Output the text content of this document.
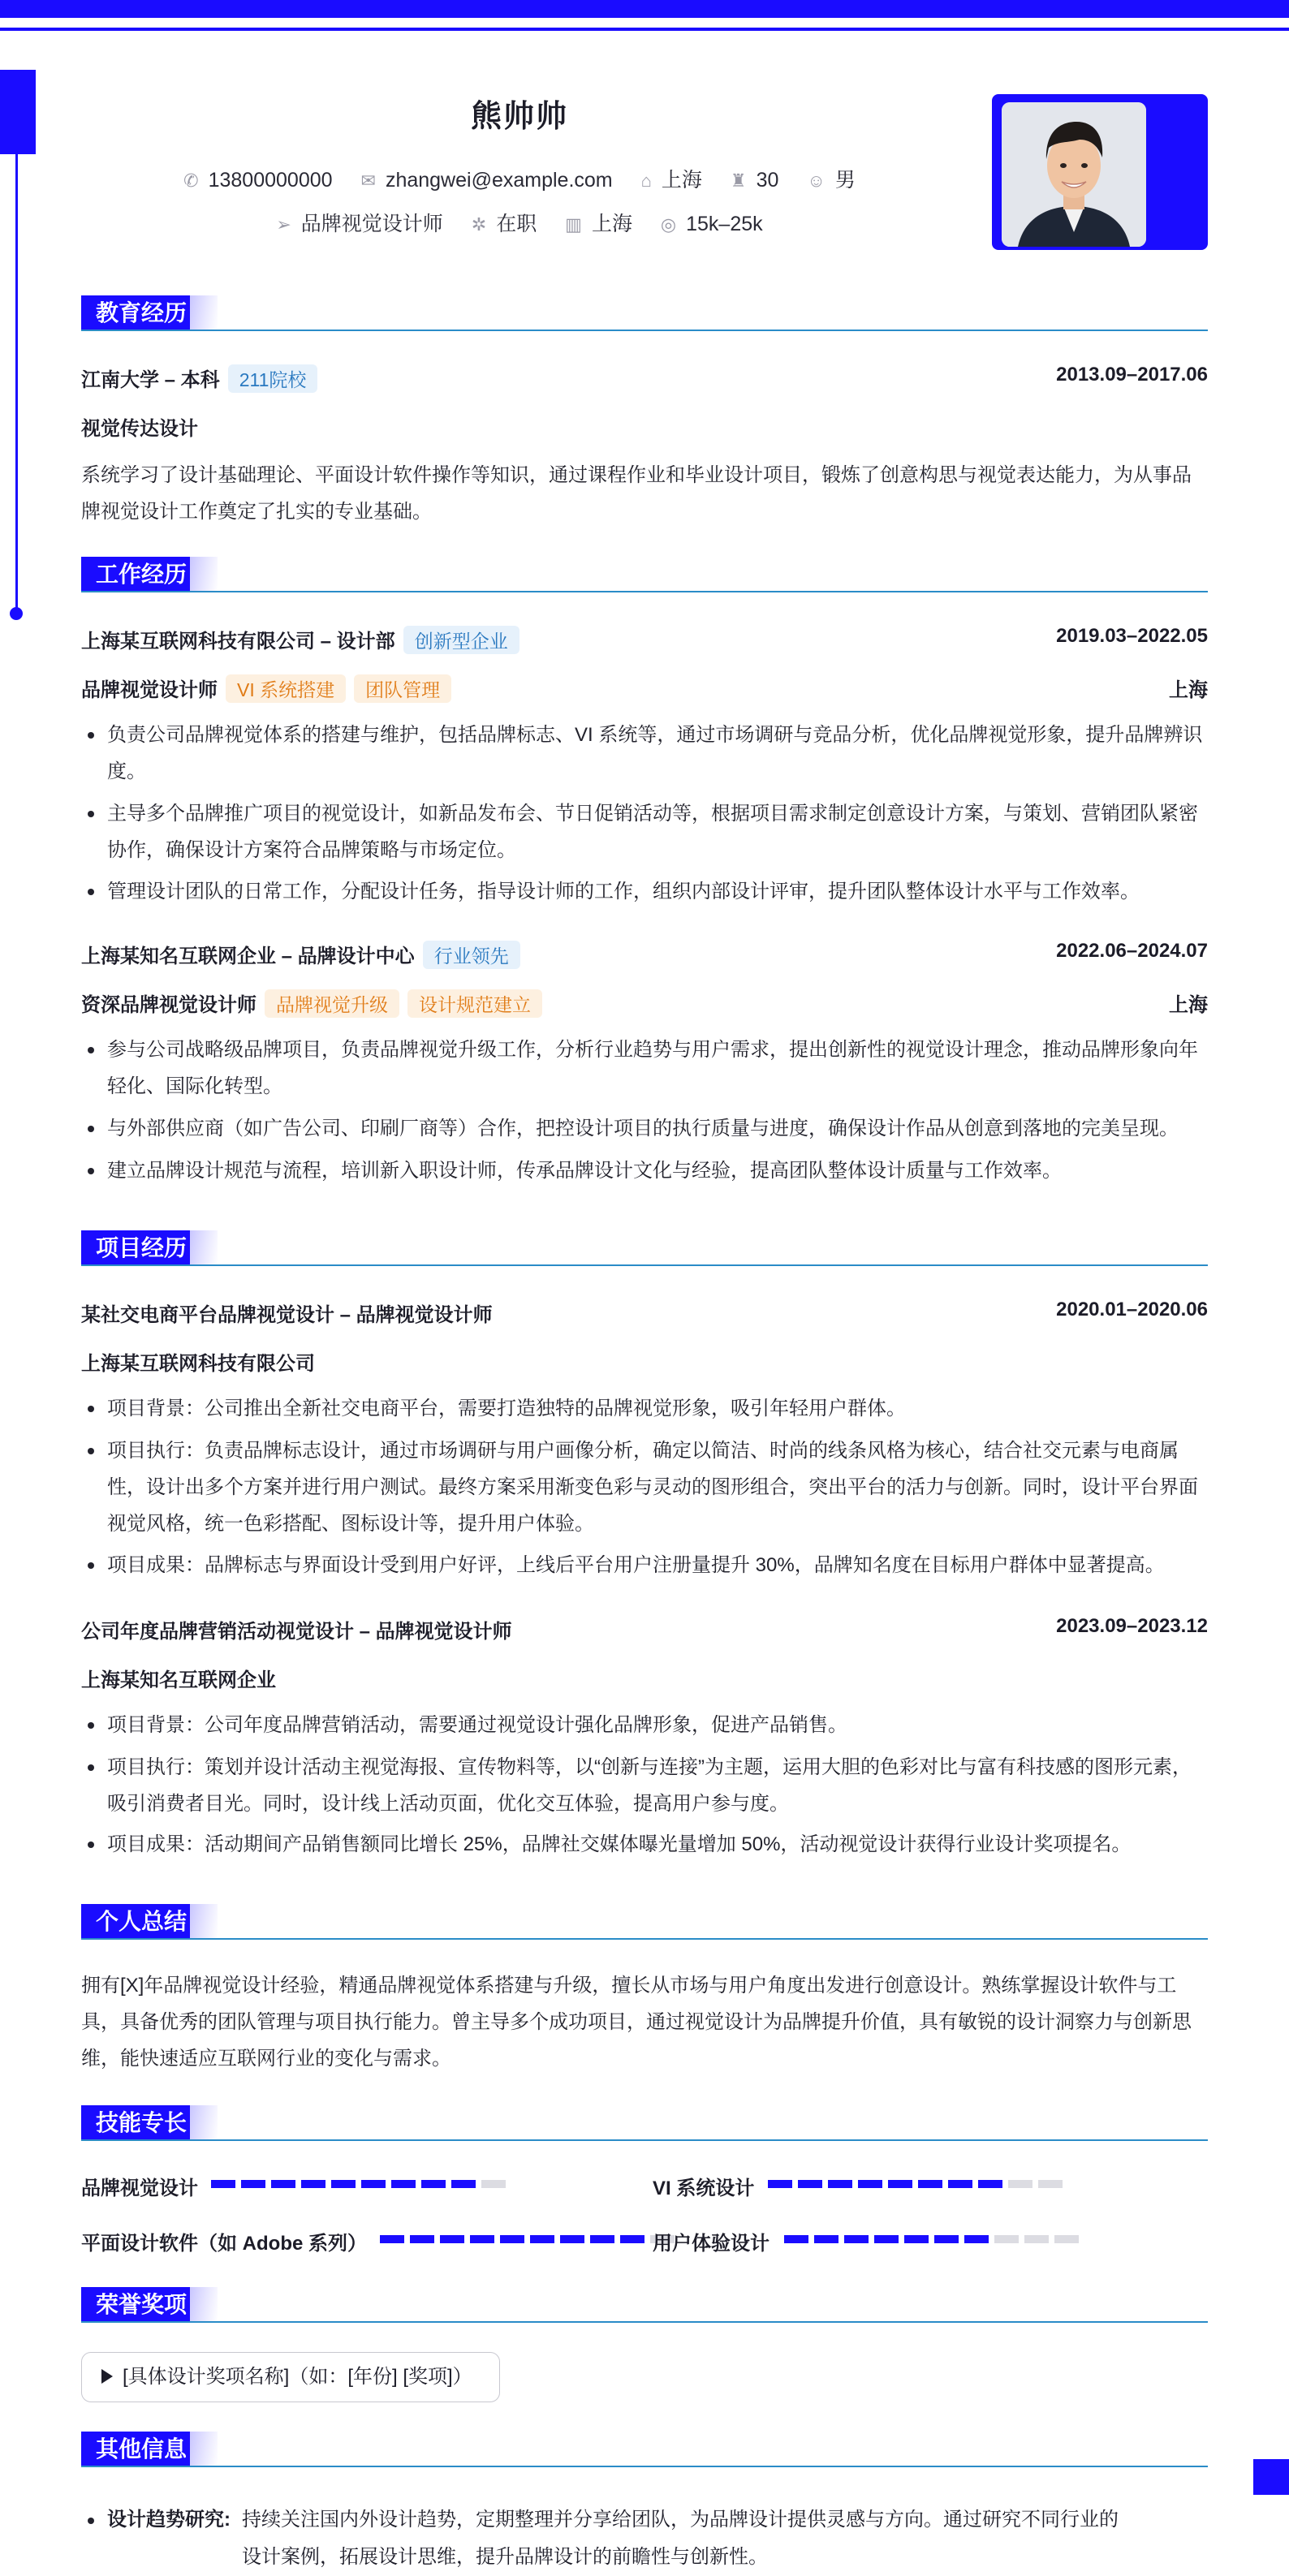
熊帅帅
✆ 13800000000 ✉ zhangwei@example.com ⌂ 上海 ♜ 30 ☺ 男
➢ 品牌视觉设计师 ✲ 在职 ▥ 上海 ◎ 15k–25k
教育经历
江南大学 – 本科 211院校	2013.09–2017.06
视觉传达设计
系统学习了设计基础理论、平面设计软件操作等知识，通过课程作业和毕业设计项目，锻炼了创意构思与视觉表达能力，为从事品牌视觉设计工作奠定了扎实的专业基础。
工作经历
上海某互联网科技有限公司 – 设计部 创新型企业	2019.03–2022.05
品牌视觉设计师 VI 系统搭建 团队管理	上海
负责公司品牌视觉体系的搭建与维护，包括品牌标志、VI 系统等，通过市场调研与竞品分析，优化品牌视觉形象，提升品牌辨识度。
主导多个品牌推广项目的视觉设计，如新品发布会、节日促销活动等，根据项目需求制定创意设计方案，与策划、营销团队紧密协作，确保设计方案符合品牌策略与市场定位。
管理设计团队的日常工作，分配设计任务，指导设计师的工作，组织内部设计评审，提升团队整体设计水平与工作效率。
上海某知名互联网企业 – 品牌设计中心 行业领先	2022.06–2024.07
资深品牌视觉设计师 品牌视觉升级 设计规范建立	上海
参与公司战略级品牌项目，负责品牌视觉升级工作，分析行业趋势与用户需求，提出创新性的视觉设计理念，推动品牌形象向年轻化、国际化转型。
与外部供应商（如广告公司、印刷厂商等）合作，把控设计项目的执行质量与进度，确保设计作品从创意到落地的完美呈现。
建立品牌设计规范与流程，培训新入职设计师，传承品牌设计文化与经验，提高团队整体设计质量与工作效率。
项目经历
某社交电商平台品牌视觉设计 – 品牌视觉设计师	2020.01–2020.06
上海某互联网科技有限公司
项目背景：公司推出全新社交电商平台，需要打造独特的品牌视觉形象，吸引年轻用户群体。
项目执行：负责品牌标志设计，通过市场调研与用户画像分析，确定以简洁、时尚的线条风格为核心，结合社交元素与电商属性，设计出多个方案并进行用户测试。最终方案采用渐变色彩与灵动的图形组合，突出平台的活力与创新。同时，设计平台界面视觉风格，统一色彩搭配、图标设计等，提升用户体验。
项目成果：品牌标志与界面设计受到用户好评，上线后平台用户注册量提升 30%，品牌知名度在目标用户群体中显著提高。
公司年度品牌营销活动视觉设计 – 品牌视觉设计师	2023.09–2023.12
上海某知名互联网企业
项目背景：公司年度品牌营销活动，需要通过视觉设计强化品牌形象，促进产品销售。
项目执行：策划并设计活动主视觉海报、宣传物料等，以“创新与连接”为主题，运用大胆的色彩对比与富有科技感的图形元素，吸引消费者目光。同时，设计线上活动页面，优化交互体验，提高用户参与度。
项目成果：活动期间产品销售额同比增长 25%，品牌社交媒体曝光量增加 50%，活动视觉设计获得行业设计奖项提名。
个人总结
拥有[X]年品牌视觉设计经验，精通品牌视觉体系搭建与升级，擅长从市场与用户角度出发进行创意设计。熟练掌握设计软件与工具，具备优秀的团队管理与项目执行能力。曾主导多个成功项目，通过视觉设计为品牌提升价值，具有敏锐的设计洞察力与创新思维，能快速适应互联网行业的变化与需求。
技能专长
品牌视觉设计	VI 系统设计
平面设计软件（如 Adobe 系列）	用户体验设计
荣誉奖项
[具体设计奖项名称]（如：[年份] [奖项]）
其他信息
设计趋势研究: 持续关注国内外设计趋势，定期整理并分享给团队，为品牌设计提供灵感与方向。通过研究不同行业的设计案例，拓展设计思维，提升品牌设计的前瞻性与创新性。
